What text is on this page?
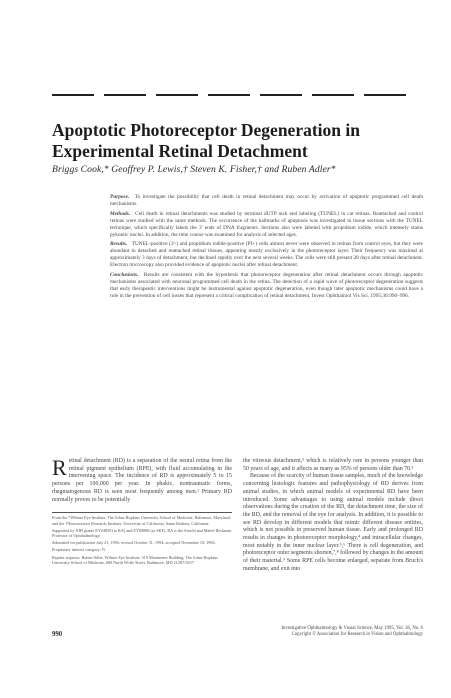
Apoptotic Photoreceptor Degeneration in
Experimental Retinal Detachment
Briggs Cook,* Geoffrey P. Lewis,† Steven K. Fisher,† and Ruben Adler*

Purpose. To investigate the possibility that cell death in retinal detachment may occur by activation of apoptotic programmed cell death mechanisms.

Methods. Cell death in retinal detachments was studied by terminal dUTP nick end labeling (TUNEL) in cat retinas. Reattached and control retinas were studied with the same methods. The occurrence of the hallmarks of apoptosis was investigated in tissue sections with the TUNEL technique, which specifically labels the 3' ends of DNA fragments. Sections also were labeled with propidium iodide, which intensely stains pyknotic nuclei. In addition, the time course was examined for analysis of selected ages.

Results. TUNEL-positive (3'-) and propidium iodide-positive (PI+) cells almost never were observed in retinas from control eyes, but they were abundant in detached and reattached retinal tissues, appearing mostly exclusively in the photoreceptor layer. Their frequency was maximal at approximately 3 days of detachment, but declined rapidly over the next several weeks. The cells were still present 28 days after retinal detachment. Electron microscopy also provided evidence of apoptotic nuclei after retinal detachment.

Conclusions. Results are consistent with the hypothesis that photoreceptor degeneration after retinal detachment occurs through apoptotic mechanisms associated with neuronal programmed cell death in the retina. The detection of a rapid wave of photoreceptor degeneration suggests that early therapeutic interventions might be instrumental against apoptotic degeneration, even though later apoptotic mechanisms could have a role in the prevention of cell losses that represent a critical complication of retinal detachment. Invest Ophthalmol Vis Sci. 1995;36:990–996.

Retinal detachment (RD) is a separation of the neural retina from the retinal pigment epithelium (RPE), with fluid accumulating in the intervening space. The incidence of RD is approximately 5 to 15 persons per 100,000 per year. In phakic, nontraumatic forms, rhegmatogenous RD is seen most frequently among men.¹ Primary RD normally proves to be potentially

From the *Wilmer Eye Institute, The Johns Hopkins University School of Medicine, Baltimore, Maryland; and the †Neuroscience Research Institute, University of California, Santa Barbara, California.

Supported by NIH grants EY04859 (to RA) and EY00888 (to SKF). RA is the Arnold and Mabel Beckman Professor of Ophthalmology.

Submitted for publication July 21, 1994; revised October 31, 1994; accepted November 10, 1994.

Proprietary interest category: N.

Reprint requests: Ruben Adler, Wilmer Eye Institute, 519 Maumenee Building, The Johns Hopkins University School of Medicine, 600 North Wolfe Street, Baltimore, MD 21287-9257.

the vitreous detachment,² which is relatively rare in persons younger than 50 years of age, and it affects as many as 95% of persons older than 70.³

Because of the scarcity of human tissue samples, much of the knowledge concerning histologic features and pathophysiology of RD derives from animal studies, in which animal models of experimental RD have been introduced. Some advantages to using animal models include direct observations during the creation of the RD, the detachment time, the size of the RD, and the removal of the eye for analysis. In addition, it is possible to see RD develop in different models that mimic different disease entities, which is not possible in preserved human tissue. Early and prolonged RD results in changes in photoreceptor morphology,⁴ and intracellular changes, most notably in the inner nuclear layer.⁵,⁶ There is cell degeneration, and photoreceptor outer segments shorten,⁷,⁸ followed by changes in the amount of their material.⁹ Some RPE cells become enlarged, separate from Bruch's membrane, and exit into

990
Investigative Ophthalmology & Visual Science, May 1995, Vol. 36, No. 6
Copyright © Association for Research in Vision and Ophthalmology
